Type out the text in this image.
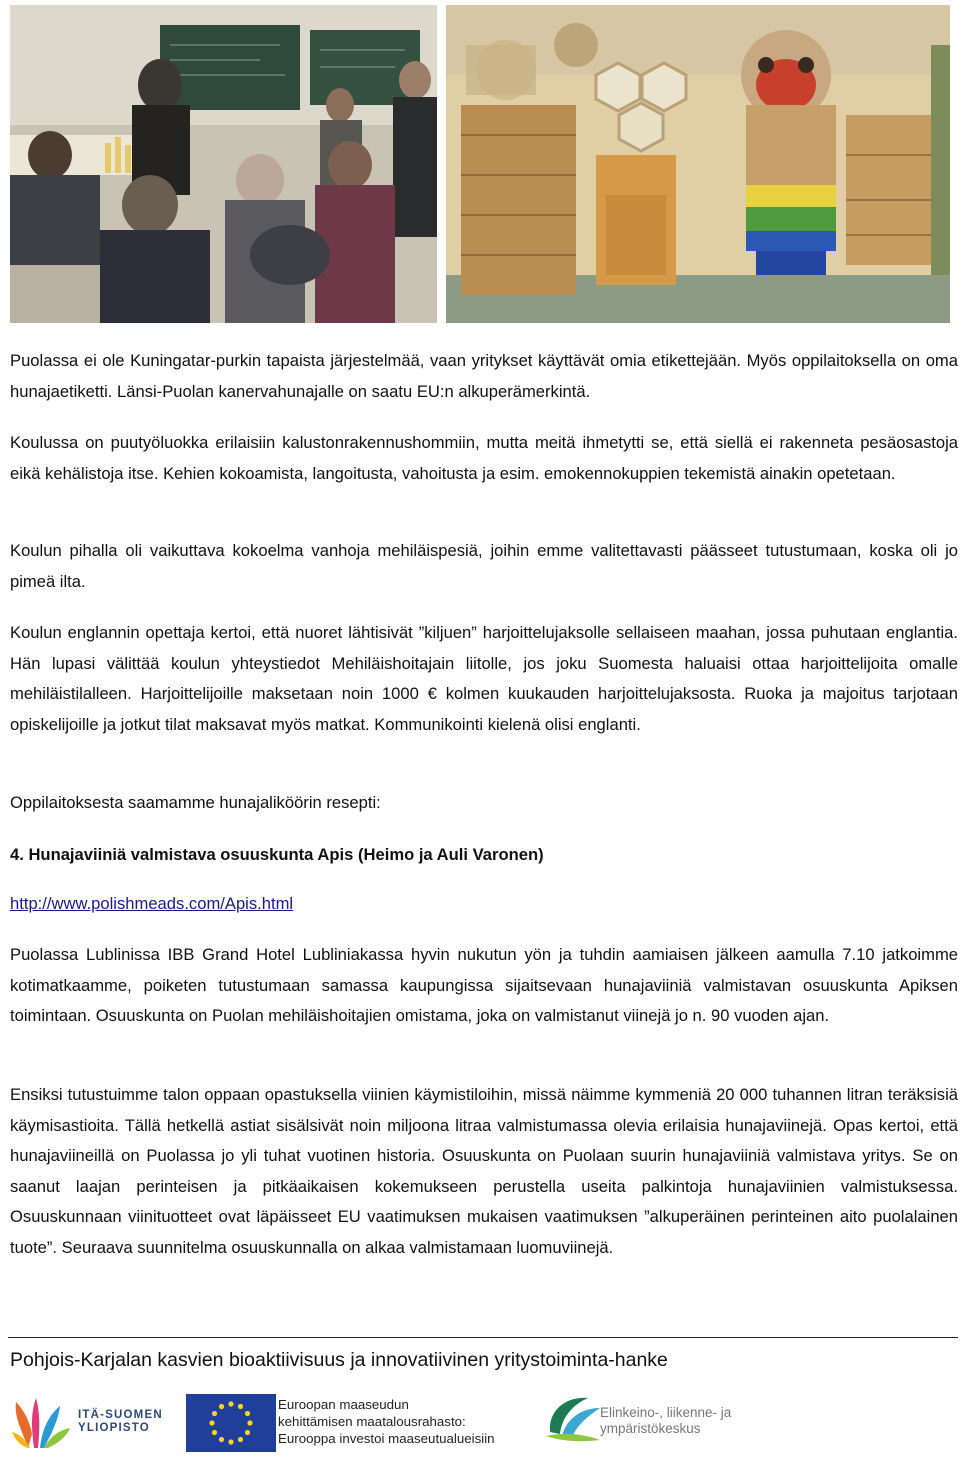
Puolassa ei ole Kuningatar-purkin tapaista järjestelmää, vaan yritykset käyttävät omia etikettejään. Myös oppilaitoksella on oma hunajaetiketti. Länsi-Puolan kanervahunajalle on saatu EU:n alkuperämerkintä.

Koulussa on puutyöluokka erilaisiin kalustonrakennushommiin, mutta meitä ihmetytti se, että siellä ei rakenneta pesäosastoja eikä kehälistoja itse. Kehien kokoamista, langoitusta, vahoitusta ja esim. emokennokuppien tekemistä ainakin opetetaan.

Koulun pihalla oli vaikuttava kokoelma vanhoja mehiläispesiä, joihin emme valitettavasti päässeet tutustumaan, koska oli jo pimeä ilta.

Koulun englannin opettaja kertoi, että nuoret lähtisivät ”kiljuen” harjoittelujaksolle sellaiseen maahan, jossa puhutaan englantia. Hän lupasi välittää koulun yhteystiedot Mehiläishoitajain liitolle, jos joku Suomesta haluaisi ottaa harjoittelijoita omalle mehiläistilalleen. Harjoittelijoille maksetaan noin 1000 € kolmen kuukauden harjoittelujaksosta. Ruoka ja majoitus tarjotaan opiskelijoille ja jotkut tilat maksavat myös matkat. Kommunikointi kielenä olisi englanti.

Oppilaitoksesta saamamme hunajaliköörin resepti:

4. Hunajaviiniä valmistava osuuskunta Apis (Heimo ja Auli Varonen)

http://www.polishmeads.com/Apis.html

Puolassa Lublinissa IBB Grand Hotel Lubliniakassa hyvin nukutun yön ja tuhdin aamiaisen jälkeen aamulla 7.10 jatkoimme kotimatkaamme, poiketen tutustumaan samassa kaupungissa sijaitsevaan hunajaviiniä valmistavan osuuskunta Apiksen toimintaan. Osuuskunta on Puolan mehiläishoitajien omistama, joka on valmistanut viinejä jo n. 90 vuoden ajan.

Ensiksi tutustuimme talon oppaan opastuksella viinien käymistiloihin, missä näimme kymmeniä 20 000 tuhannen litran teräksisiä käymisastioita. Tällä hetkellä astiat sisälsivät noin miljoona litraa valmistumassa olevia erilaisia hunajaviinejä. Opas kertoi, että hunajaviineillä on Puolassa jo yli tuhat vuotinen historia. Osuuskunta on Puolaan suurin hunajaviiniä valmistava yritys. Se on saanut laajan perinteisen ja pitkäaikaisen kokemukseen perustella useita palkintoja hunajaviinien valmistuksessa. Osuuskunnaan viinituotteet ovat läpäisseet EU vaatimuksen mukaisen vaatimuksen ”alkuperäinen perinteinen aito puolalainen tuote”. Seuraava suunnitelma osuuskunnalla on alkaa valmistamaan luomuviinejä.

Pohjois-Karjalan kasvien bioaktiivisuus ja innovatiivinen yritystoiminta-hanke
ITÄ-SUOMEN
YLIOPISTO
Euroopan maaseudun
kehittämisen maatalousrahasto:
Eurooppa investoi maaseutualueisiin
Elinkeino-, liikenne- ja
ympäristökeskus
